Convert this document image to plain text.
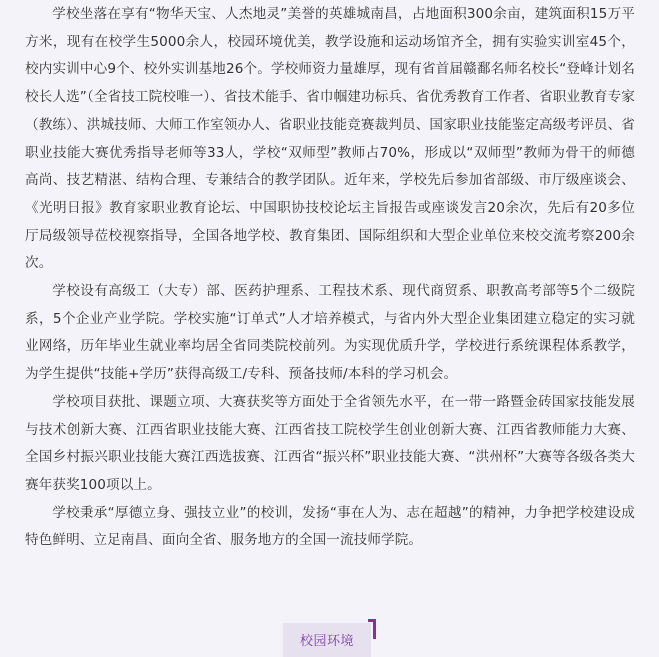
学校坐落在享有“物华天宝、人杰地灵”美誉的英雄城南昌，占地面积300余亩，建筑面积15万平方米，现有在校学生5000余人，校园环境优美，教学设施和运动场馆齐全，拥有实验实训室45个，校内实训中心9个、校外实训基地26个。学校师资力量雄厚，现有省首届赣鄱名师名校长“登峰计划名校长人选”（全省技工院校唯一）、省技术能手、省巾帼建功标兵、省优秀教育工作者、省职业教育专家（教练）、洪城技师、大师工作室领办人、省职业技能竞赛裁判员、国家职业技能鉴定高级考评员、省职业技能大赛优秀指导老师等33人，学校“双师型”教师占70%，形成以“双师型”教师为骨干的师德高尚、技艺精湛、结构合理、专兼结合的教学团队。近年来，学校先后参加省部级、市厅级座谈会、《光明日报》教育家职业教育论坛、中国职协技校论坛主旨报告或座谈发言20余次，先后有20多位厅局级领导莅校视察指导，全国各地学校、教育集团、国际组织和大型企业单位来校交流考察200余次。

学校设有高级工（大专）部、医药护理系、工程技术系、现代商贸系、职教高考部等5个二级院系，5个企业产业学院。学校实施“订单式”人才培养模式，与省内外大型企业集团建立稳定的实习就业网络，历年毕业生就业率均居全省同类院校前列。为实现优质升学，学校进行系统课程体系教学，为学生提供“技能+学历”获得高级工/专科、预备技师/本科的学习机会。

学校项目获批、课题立项、大赛获奖等方面处于全省领先水平，在一带一路暨金砖国家技能发展与技术创新大赛、江西省职业技能大赛、江西省技工院校学生创业创新大赛、江西省教师能力大赛、全国乡村振兴职业技能大赛江西选拔赛、江西省“振兴杯”职业技能大赛、“洪州杯”大赛等各级各类大赛年获奖100项以上。

学校秉承“厚德立身、强技立业”的校训，发扬“事在人为、志在超越”的精神，力争把学校建设成特色鲜明、立足南昌、面向全省、服务地方的全国一流技师学院。

校园环境
